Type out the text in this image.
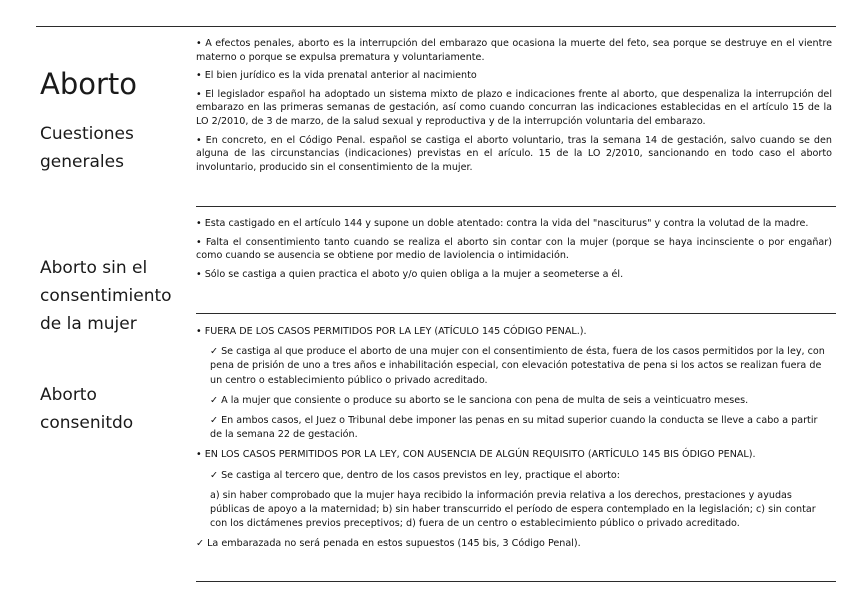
Aborto
Cuestiones
generales
Aborto sin el
consentimiento
de la mujer
Aborto
consenitdo

• A efectos penales, aborto es la interrupción del embarazo que ocasiona la muerte del feto, sea porque se destruye en el vientre materno o porque se expulsa prematura y voluntariamente.

• El bien jurídico es la vida prenatal anterior al nacimiento

• El legislador español ha adoptado un sistema mixto de plazo e indicaciones frente al aborto, que despenaliza la interrupción del embarazo en las primeras semanas de gestación, así como cuando concurran las indicaciones establecidas en el artículo 15 de la LO 2/2010, de 3 de marzo, de la salud sexual y reproductiva y de la interrupción voluntaria del embarazo.

• En concreto, en el Código Penal. español se castiga el aborto voluntario, tras la semana 14 de gestación, salvo cuando se den alguna de las circunstancias (indicaciones) previstas en el arículo. 15 de la LO 2/2010, sancionando en todo caso el aborto involuntario, producido sin el consentimiento de la mujer.

• Esta castigado en el artículo 144 y supone un doble atentado: contra la vida del "nasciturus" y contra la volutad de la madre.

• Falta el consentimiento tanto cuando se realiza el aborto sin contar con la mujer (porque se haya incinsciente o por engañar) como cuando se ausencia se obtiene por medio de laviolencia o intimidación.

• Sólo se castiga a quien practica el aboto y/o quien obliga a la mujer a seometerse a él.

• FUERA DE LOS CASOS PERMITIDOS POR LA LEY (ATÍCULO 145 CÓDIGO PENAL.).

✓ Se castiga al que produce el aborto de una mujer con el consentimiento de ésta, fuera de los casos permitidos por la ley, con pena de prisión de uno a tres años e inhabilitación especial, con elevación potestativa de pena si los actos se realizan fuera de un centro o establecimiento público o privado acreditado.

✓ A la mujer que consiente o produce su aborto se le sanciona con pena de multa de seis a veinticuatro meses.

✓ En ambos casos, el Juez o Tribunal debe imponer las penas en su mitad superior cuando la conducta se lleve a cabo a partir de la semana 22 de gestación.

• EN LOS CASOS PERMITIDOS POR LA LEY, CON AUSENCIA DE ALGÚN REQUISITO (ARTÍCULO 145 BIS ÓDIGO PENAL).

✓ Se castiga al tercero que, dentro de los casos previstos en ley, practique el aborto:

a) sin haber comprobado que la mujer haya recibido la información previa relativa a los derechos, prestaciones y ayudas públicas de apoyo a la maternidad; b) sin haber transcurrido el período de espera contemplado en la legislación; c) sin contar con los dictámenes previos preceptivos; d) fuera de un centro o establecimiento público o privado acreditado.

✓ La embarazada no será penada en estos supuestos (145 bis, 3 Código Penal).
